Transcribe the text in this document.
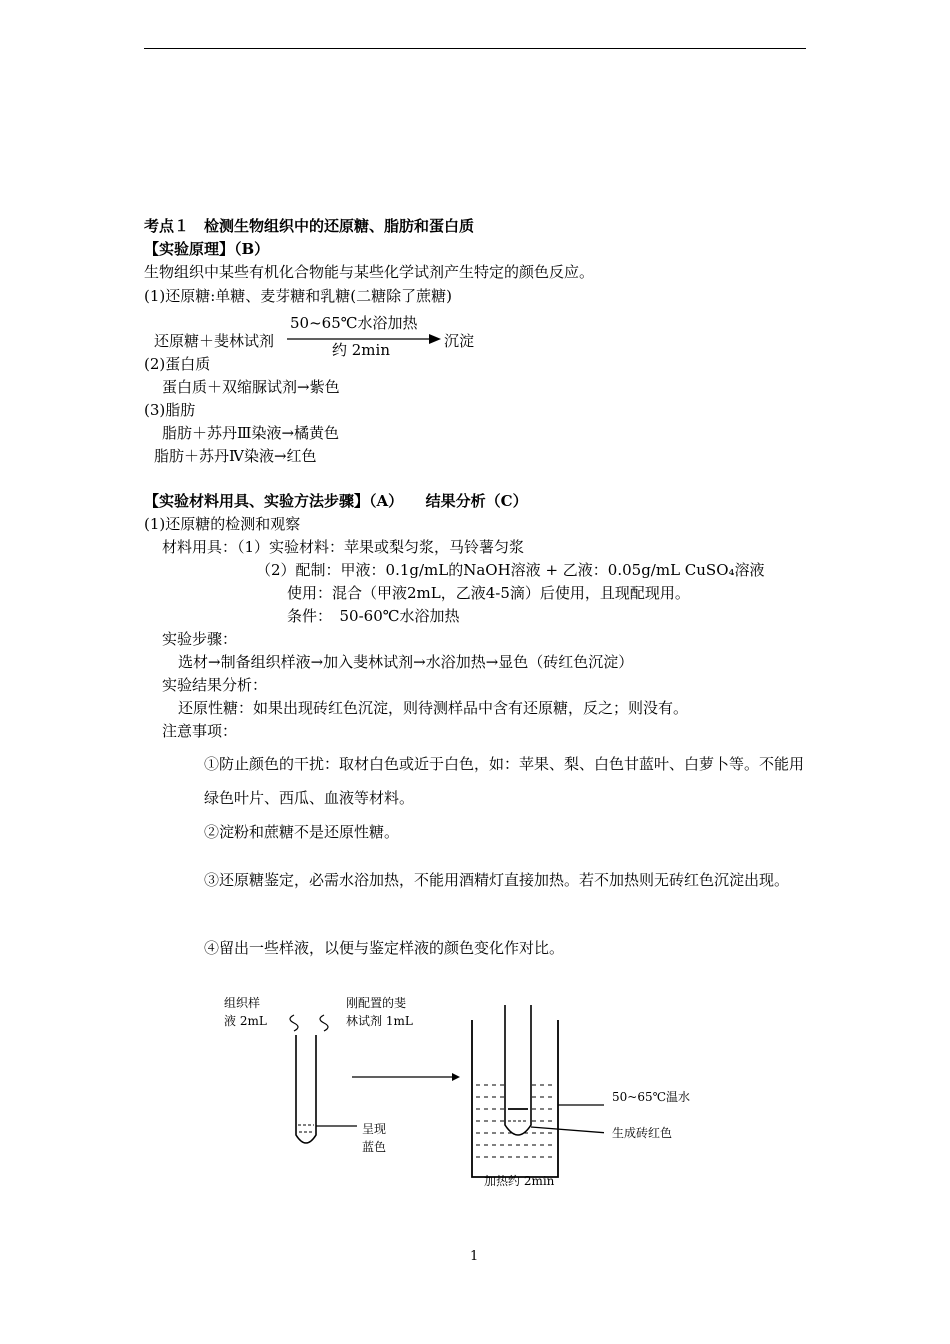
考点１　检测生物组织中的还原糖、脂肪和蛋白质
【实验原理】（B）
生物组织中某些有机化合物能与某些化学试剂产生特定的颜色反应。
(1)还原糖:单糖、麦芽糖和乳糖(二糖除了蔗糖)
还原糖＋斐林试剂
50~65℃水浴加热
约 2min	沉淀
(2)蛋白质
蛋白质＋双缩脲试剂→紫色
(3)脂肪
脂肪＋苏丹Ⅲ染液→橘黄色
脂肪＋苏丹Ⅳ染液→红色
【实验材料用具、实验方法步骤】（A）　　结果分析（C）
(1)还原糖的检测和观察
材料用具：（1）实验材料：苹果或梨匀浆，马铃薯匀浆
（2）配制：甲液：0.1g/mL的NaOH溶液 + 乙液：0.05g/mL CuSO₄溶液
使用：混合（甲液2mL，乙液4-5滴）后使用，且现配现用。
条件：　50-60℃水浴加热
实验步骤：
选材→制备组织样液→加入斐林试剂→水浴加热→显色（砖红色沉淀）
实验结果分析：
还原性糖：如果出现砖红色沉淀，则待测样品中含有还原糖，反之；则没有。
注意事项：
①防止颜色的干扰：取材白色或近于白色，如：苹果、梨、白色甘蓝叶、白萝卜等。不能用绿色叶片、西瓜、血液等材料。
②淀粉和蔗糖不是还原性糖。
③还原糖鉴定，必需水浴加热，不能用酒精灯直接加热。若不加热则无砖红色沉淀出现。
④留出一些样液，以便与鉴定样液的颜色变化作对比。
组织样
液 2mL
刚配置的斐
林试剂 1mL
呈现
蓝色
加热约 2min
50~65℃温水
生成砖红色
1
